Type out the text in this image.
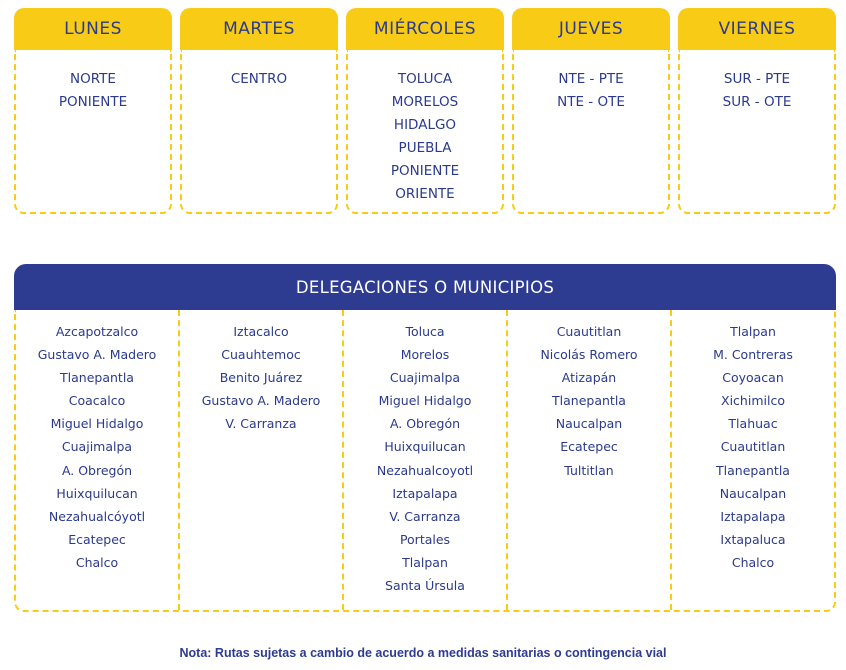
LUNES
NORTE
PONIENTE
MARTES
CENTRO
MIÉRCOLES
TOLUCA
MORELOS
HIDALGO
PUEBLA
PONIENTE
ORIENTE
JUEVES
NTE - PTE
NTE - OTE
VIERNES
SUR - PTE
SUR - OTE
DELEGACIONES O MUNICIPIOS
Azcapotzalco
Gustavo A. Madero
Tlanepantla
Coacalco
Miguel Hidalgo
Cuajimalpa
A. Obregón
Huixquilucan
Nezahualcóyotl
Ecatepec
Chalco
Iztacalco
Cuauhtemoc
Benito Juárez
Gustavo A. Madero
V. Carranza
Toluca
Morelos
Cuajimalpa
Miguel Hidalgo
A. Obregón
Huixquilucan
Nezahualcoyotl
Iztapalapa
V. Carranza
Portales
Tlalpan
Santa Úrsula
Cuautitlan
Nicolás Romero
Atizapán
Tlanepantla
Naucalpan
Ecatepec
Tultitlan
Tlalpan
M. Contreras
Coyoacan
Xichimilco
Tlahuac
Cuautitlan
Tlanepantla
Naucalpan
Iztapalapa
Ixtapaluca
Chalco
Nota: Rutas sujetas a cambio de acuerdo a medidas sanitarias o contingencia vial
